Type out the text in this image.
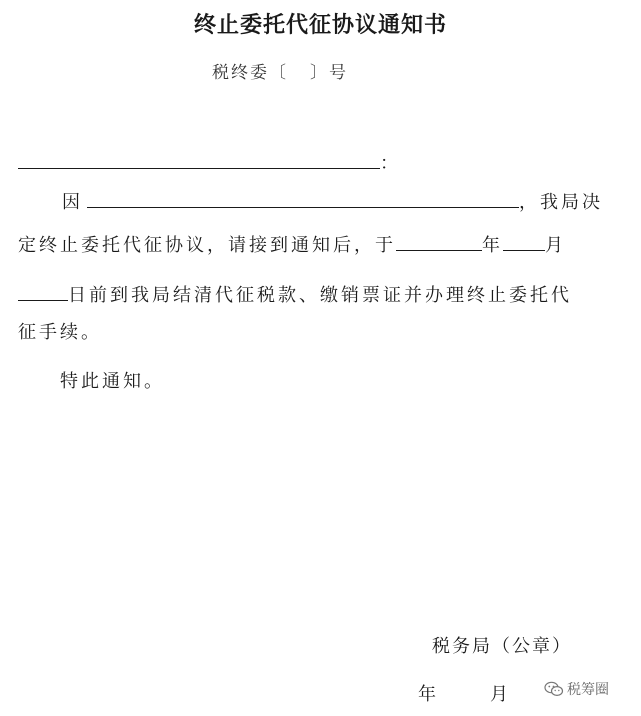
终止委托代征协议通知书
税终委〔 〕号
：
因	，我局决
定终止委托代征协议，请接到通知后，于	年 月
日前到我局结清代征税款、缴销票证并办理终止委托代
征手续。
特此通知。
税务局（公章）
年	月	税筹圈
